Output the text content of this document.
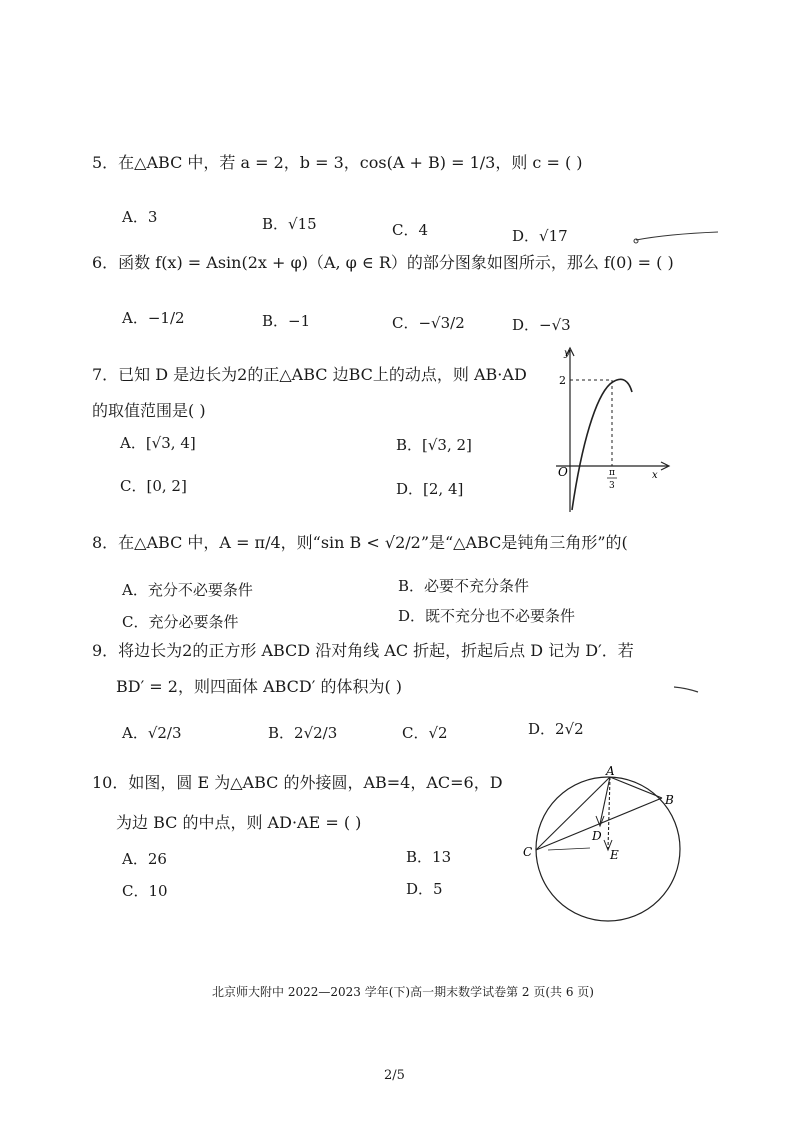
5．在△ABC 中，若 a = 2，b = 3，cos(A + B) = 1/3，则 c = ( )
A．3	B．√15	C．4	D．√17
6．函数 f(x) = Asin(2x + φ)（A, φ ∈ R）的部分图象如图所示，那么 f(0) = ( )
A．−1/2	B．−1	C．−√3/2	D．−√3
7．已知 D 是边长为2的正△ABC 边BC上的动点，则 AB·AD
的取值范围是( )
A．[√3, 4]	B．[√3, 2]
C．[0, 2]	D．[2, 4]
y
x
O
2
π
3
8．在△ABC 中，A = π/4，则“sin B < √2/2”是“△ABC是钝角三角形”的(
A．充分不必要条件	B．必要不充分条件
C．充分必要条件	D．既不充分也不必要条件
9．将边长为2的正方形 ABCD 沿对角线 AC 折起，折起后点 D 记为 D′．若
BD′ = 2，则四面体 ABCD′ 的体积为( )
A．√2/3	B．2√2/3	C．√2	D．2√2
10．如图，圆 E 为△ABC 的外接圆，AB=4，AC=6，D
为边 BC 的中点，则 AD·AE = ( )
A．26	B．13
C．10	D．5
A
B
C
D
E
北京师大附中 2022—2023 学年(下)高一期末数学试卷第 2 页(共 6 页)
2/5
